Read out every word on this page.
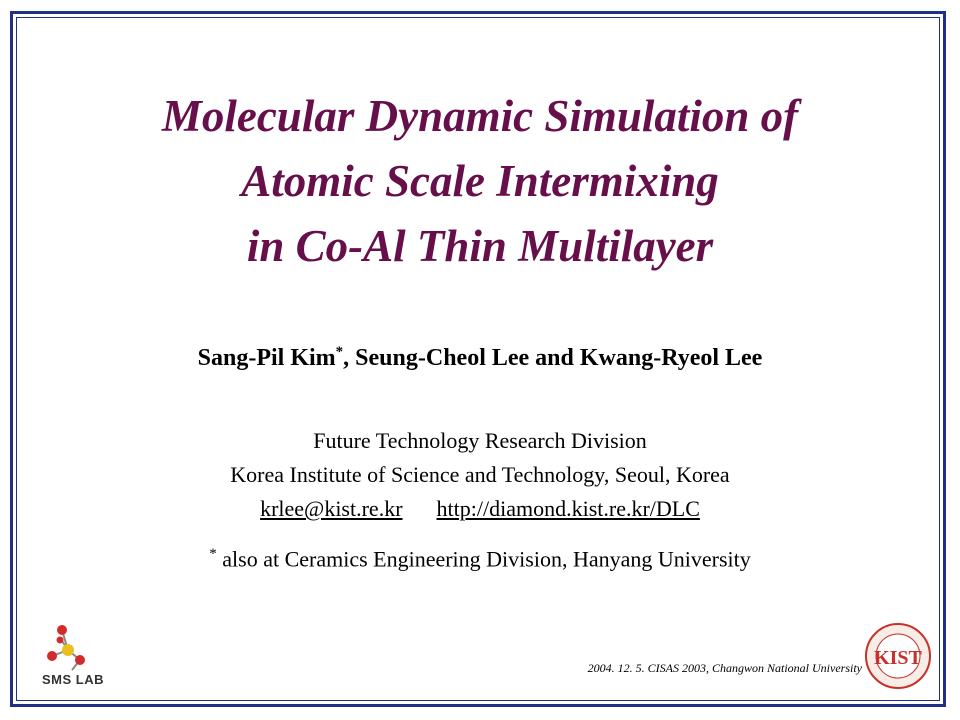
Molecular Dynamic Simulation of
Atomic Scale Intermixing
in Co-Al Thin Multilayer
Sang-Pil Kim*, Seung-Cheol Lee and Kwang-Ryeol Lee
Future Technology Research Division
Korea Institute of Science and Technology, Seoul, Korea
krlee@kist.re.kr http://diamond.kist.re.kr/DLC
* also at Ceramics Engineering Division, Hanyang University
2004. 12. 5. CISAS 2003, Changwon National University
SMS LAB
KIST
